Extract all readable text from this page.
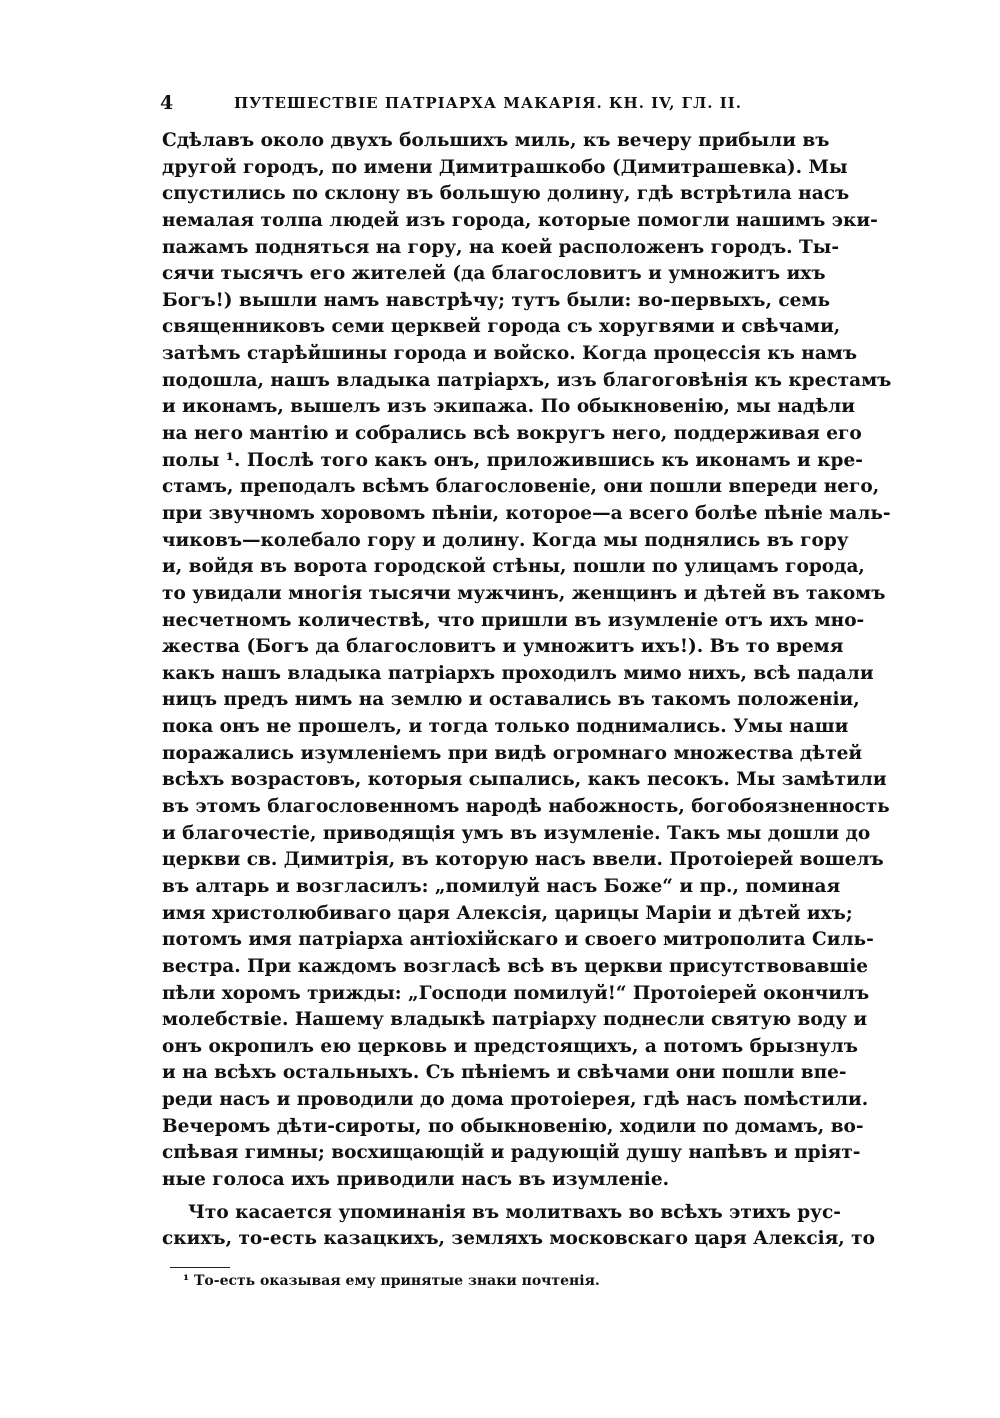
4	ПУТЕШЕСТВІЕ ПАТРІАРХА МАКАРІЯ. КН. IV, ГЛ. II.
Сдѣлавъ около двухъ большихъ миль, къ вечеру прибыли въ
другой городъ, по имени Димитрашкобо (Димитрашевка). Мы
спустились по склону въ большую долину, гдѣ встрѣтила насъ
немалая толпа людей изъ города, которые помогли нашимъ эки-
пажамъ подняться на гору, на коей расположенъ городъ. Ты-
сячи тысячъ его жителей (да благословитъ и умножитъ ихъ
Богъ!) вышли намъ навстрѣчу; тутъ были: во-первыхъ, семь
священниковъ семи церквей города съ хоругвями и свѣчами,
затѣмъ старѣйшины города и войско. Когда процессія къ намъ
подошла, нашъ владыка патріархъ, изъ благоговѣнія къ крестамъ
и иконамъ, вышелъ изъ экипажа. По обыкновенію, мы надѣли
на него мантію и собрались всѣ вокругъ него, поддерживая его
полы ¹. Послѣ того какъ онъ, приложившись къ иконамъ и кре-
стамъ, преподалъ всѣмъ благословеніе, они пошли впереди него,
при звучномъ хоровомъ пѣніи, которое—а всего болѣе пѣніе маль-
чиковъ—колебало гору и долину. Когда мы поднялись въ гору
и, войдя въ ворота городской стѣны, пошли по улицамъ города,
то увидали многія тысячи мужчинъ, женщинъ и дѣтей въ такомъ
несчетномъ количествѣ, что пришли въ изумленіе отъ ихъ мно-
жества (Богъ да благословитъ и умножитъ ихъ!). Въ то время
какъ нашъ владыка патріархъ проходилъ мимо нихъ, всѣ падали
ницъ предъ нимъ на землю и оставались въ такомъ положеніи,
пока онъ не прошелъ, и тогда только поднимались. Умы наши
поражались изумленіемъ при видѣ огромнаго множества дѣтей
всѣхъ возрастовъ, которыя сыпались, какъ песокъ. Мы замѣтили
въ этомъ благословенномъ народѣ набожность, богобоязненность
и благочестіе, приводящія умъ въ изумленіе. Такъ мы дошли до
церкви св. Димитрія, въ которую насъ ввели. Протоіерей вошелъ
въ алтарь и возгласилъ: „помилуй насъ Боже“ и пр., поминая
имя христолюбиваго царя Алексія, царицы Маріи и дѣтей ихъ;
потомъ имя патріарха антіохійскаго и своего митрополита Силь-
вестра. При каждомъ возгласѣ всѣ въ церкви присутствовавшіе
пѣли хоромъ трижды: „Господи помилуй!“ Протоіерей окончилъ
молебствіе. Нашему владыкѣ патріарху поднесли святую воду и
онъ окропилъ ею церковь и предстоящихъ, а потомъ брызнулъ
и на всѣхъ остальныхъ. Съ пѣніемъ и свѣчами они пошли впе-
реди насъ и проводили до дома протоіерея, гдѣ насъ помѣстили.
Вечеромъ дѣти-сироты, по обыкновенію, ходили по домамъ, во-
спѣвая гимны; восхищающій и радующій душу напѣвъ и пріят-
ные голоса ихъ приводили насъ въ изумленіе.
Что касается упоминанія въ молитвахъ во всѣхъ этихъ рус-
скихъ, то-есть казацкихъ, земляхъ московскаго царя Алексія, то
¹ То-есть оказывая ему принятые знаки почтенія.
